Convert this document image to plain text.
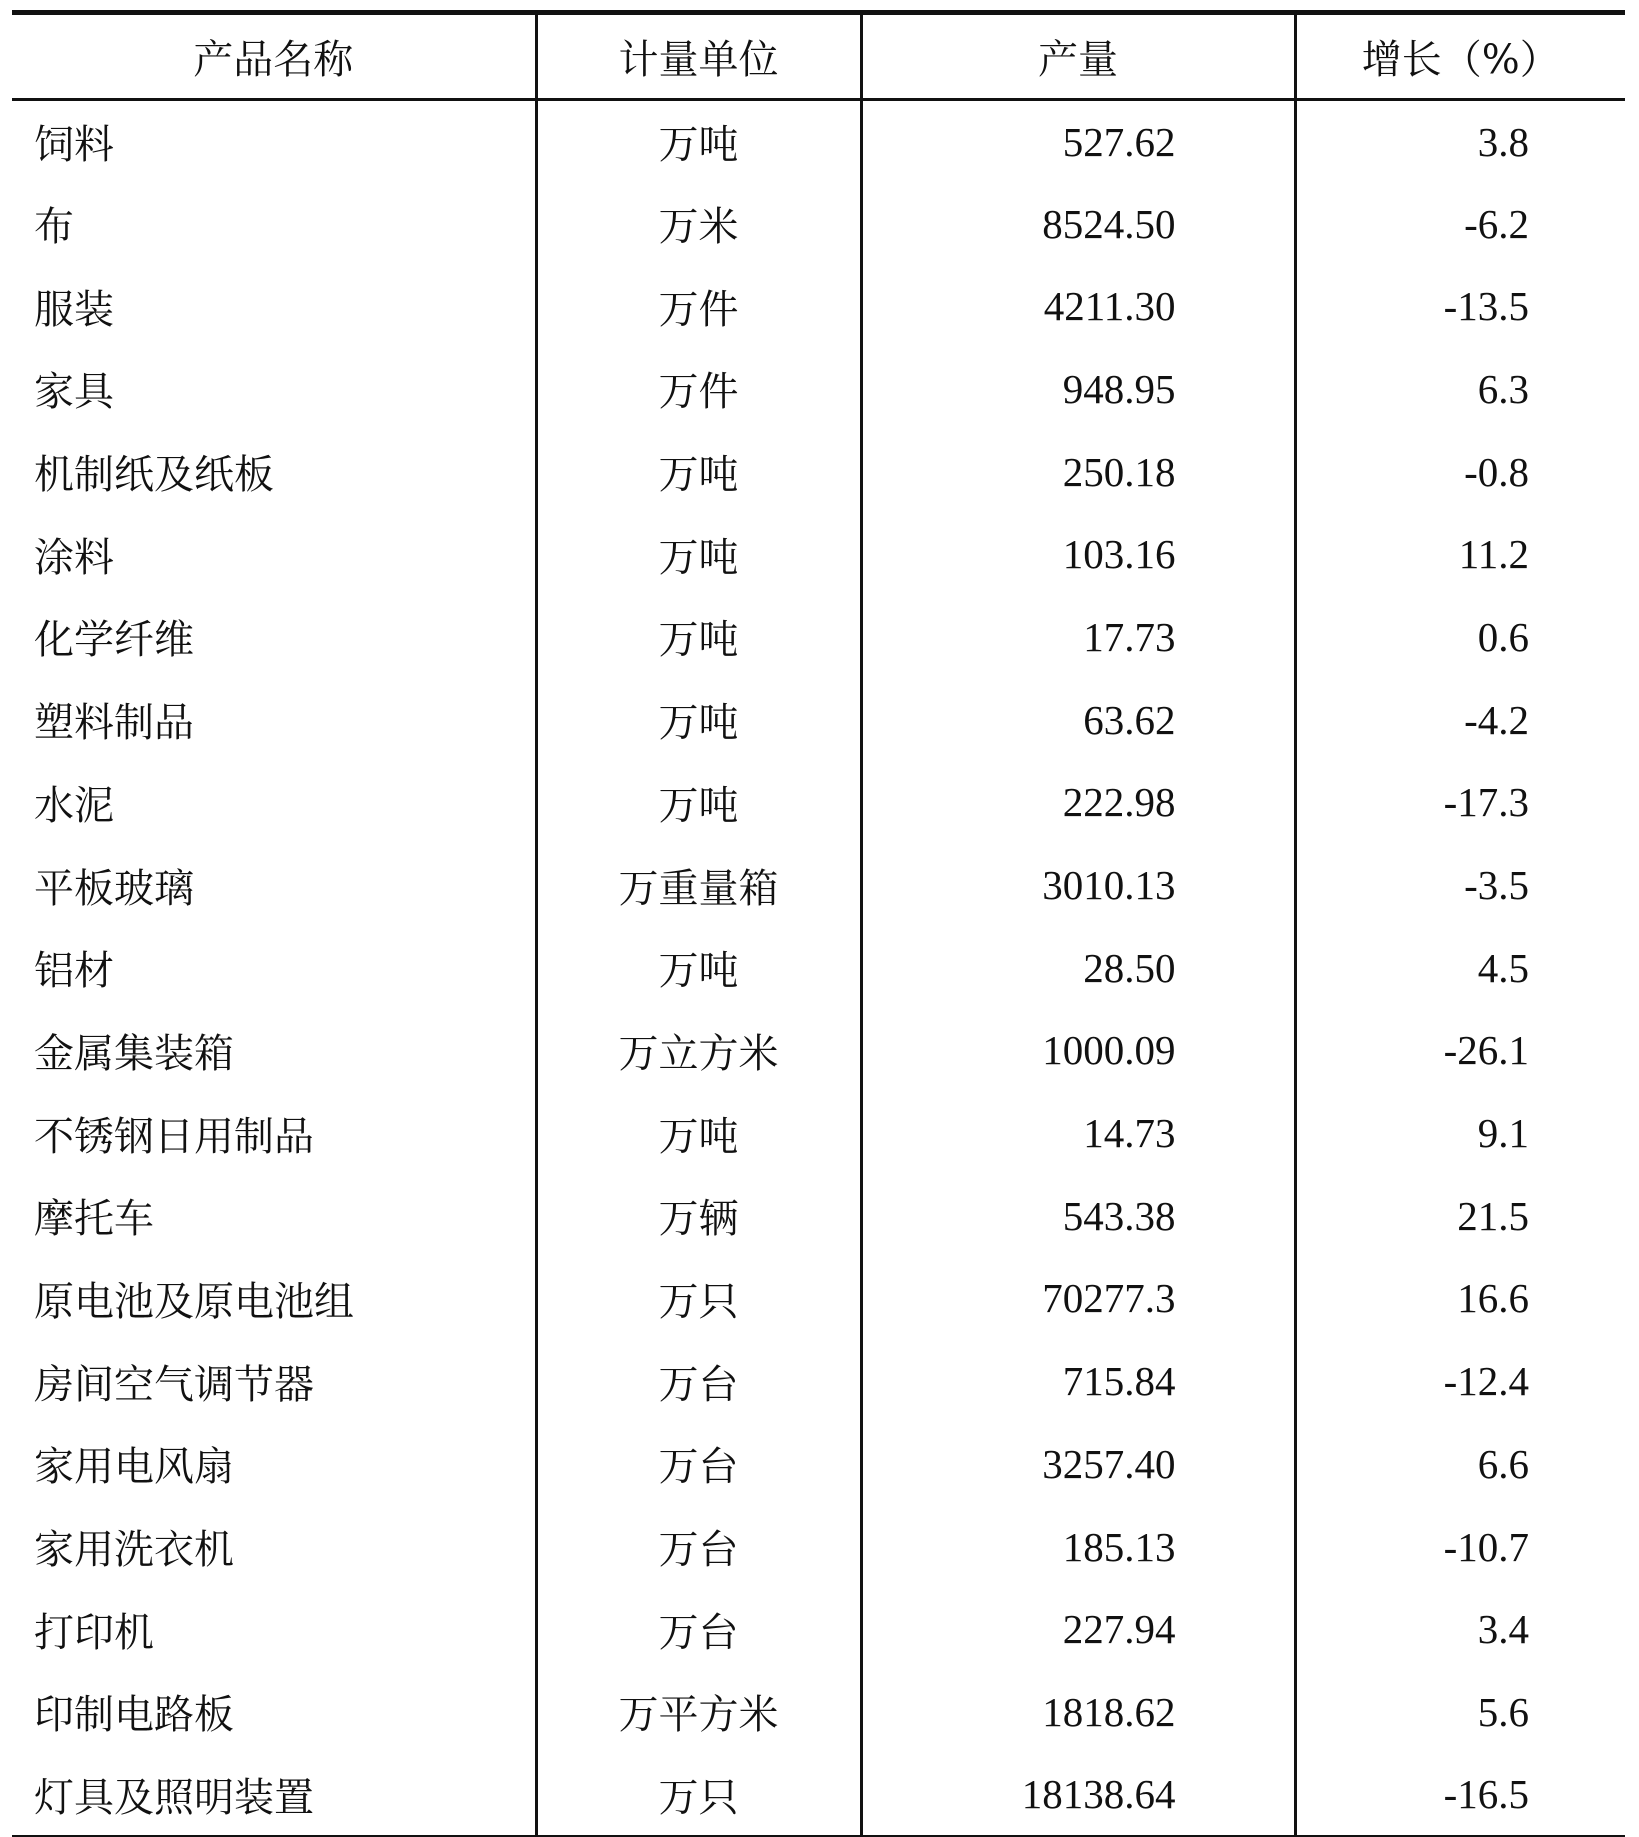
产品名称	计量单位	产量	增长（%）
饲料	万吨	527.62	3.8
布	万米	8524.50	-6.2
服装	万件	4211.30	-13.5
家具	万件	948.95	6.3
机制纸及纸板	万吨	250.18	-0.8
涂料	万吨	103.16	11.2
化学纤维	万吨	17.73	0.6
塑料制品	万吨	63.62	-4.2
水泥	万吨	222.98	-17.3
平板玻璃	万重量箱	3010.13	-3.5
铝材	万吨	28.50	4.5
金属集装箱	万立方米	1000.09	-26.1
不锈钢日用制品	万吨	14.73	9.1
摩托车	万辆	543.38	21.5
原电池及原电池组	万只	70277.3	16.6
房间空气调节器	万台	715.84	-12.4
家用电风扇	万台	3257.40	6.6
家用洗衣机	万台	185.13	-10.7
打印机	万台	227.94	3.4
印制电路板	万平方米	1818.62	5.6
灯具及照明装置	万只	18138.64	-16.5
